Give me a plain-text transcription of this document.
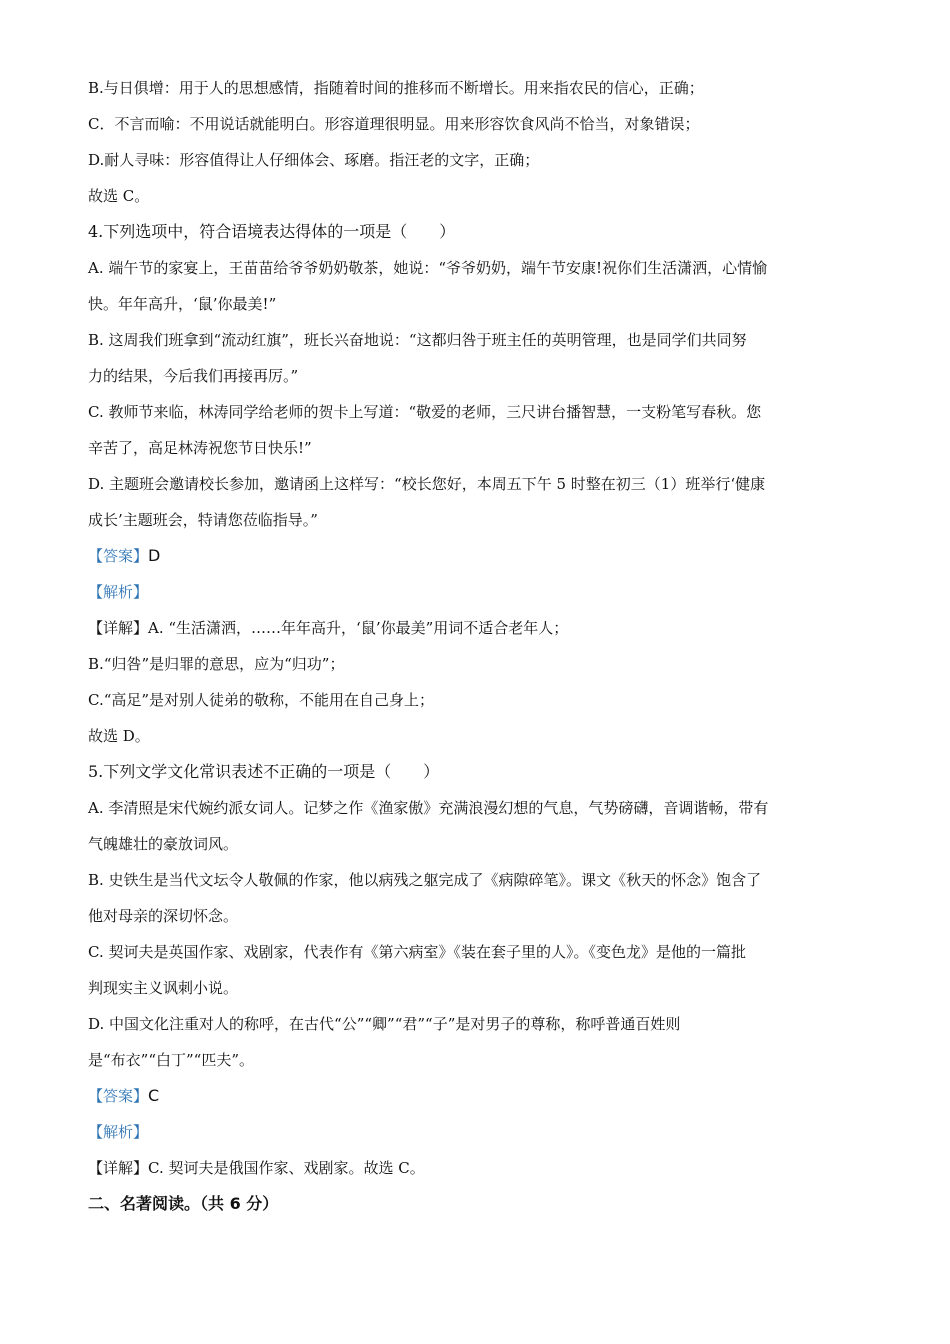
B.与日俱增：用于人的思想感情，指随着时间的推移而不断增长。用来指农民的信心，正确；
C．不言而喻：不用说话就能明白。形容道理很明显。用来形容饮食风尚不恰当，对象错误；
D.耐人寻味：形容值得让人仔细体会、琢磨。指汪老的文字，正确；
故选 C。
4.下列选项中，符合语境表达得体的一项是（　　）
A. 端午节的家宴上，王苗苗给爷爷奶奶敬茶，她说：“爷爷奶奶，端午节安康!祝你们生活潇洒，心情愉
快。年年高升，‘鼠’你最美!”
B. 这周我们班拿到“流动红旗”，班长兴奋地说：“这都归咎于班主任的英明管理，也是同学们共同努
力的结果，今后我们再接再厉。”
C. 教师节来临，林涛同学给老师的贺卡上写道：“敬爱的老师，三尺讲台播智慧，一支粉笔写春秋。您
辛苦了，高足林涛祝您节日快乐!”
D. 主题班会邀请校长参加，邀请函上这样写：“校长您好，本周五下午 5 时整在初三（1）班举行‘健康
成长’主题班会，特请您莅临指导。”
【答案】D
【解析】
【详解】A. “生活潇洒，……年年高升，‘鼠’你最美”用词不适合老年人；
B.“归咎”是归罪的意思，应为“归功”；
C.“高足”是对别人徒弟的敬称，不能用在自己身上；
故选 D。
5.下列文学文化常识表述不正确的一项是（　　）
A. 李清照是宋代婉约派女词人。记梦之作《渔家傲》充满浪漫幻想的气息，气势磅礴，音调谐畅，带有
气魄雄壮的豪放词风。
B. 史铁生是当代文坛令人敬佩的作家，他以病残之躯完成了《病隙碎笔》。课文《秋天的怀念》饱含了
他对母亲的深切怀念。
C. 契诃夫是英国作家、戏剧家，代表作有《第六病室》《装在套子里的人》。《变色龙》是他的一篇批
判现实主义讽刺小说。
D. 中国文化注重对人的称呼，在古代“公”“卿”“君”“子”是对男子的尊称，称呼普通百姓则
是“布衣”“白丁”“匹夫”。
【答案】C
【解析】
【详解】C. 契诃夫是俄国作家、戏剧家。故选 C。
二、名著阅读。（共 6 分）
